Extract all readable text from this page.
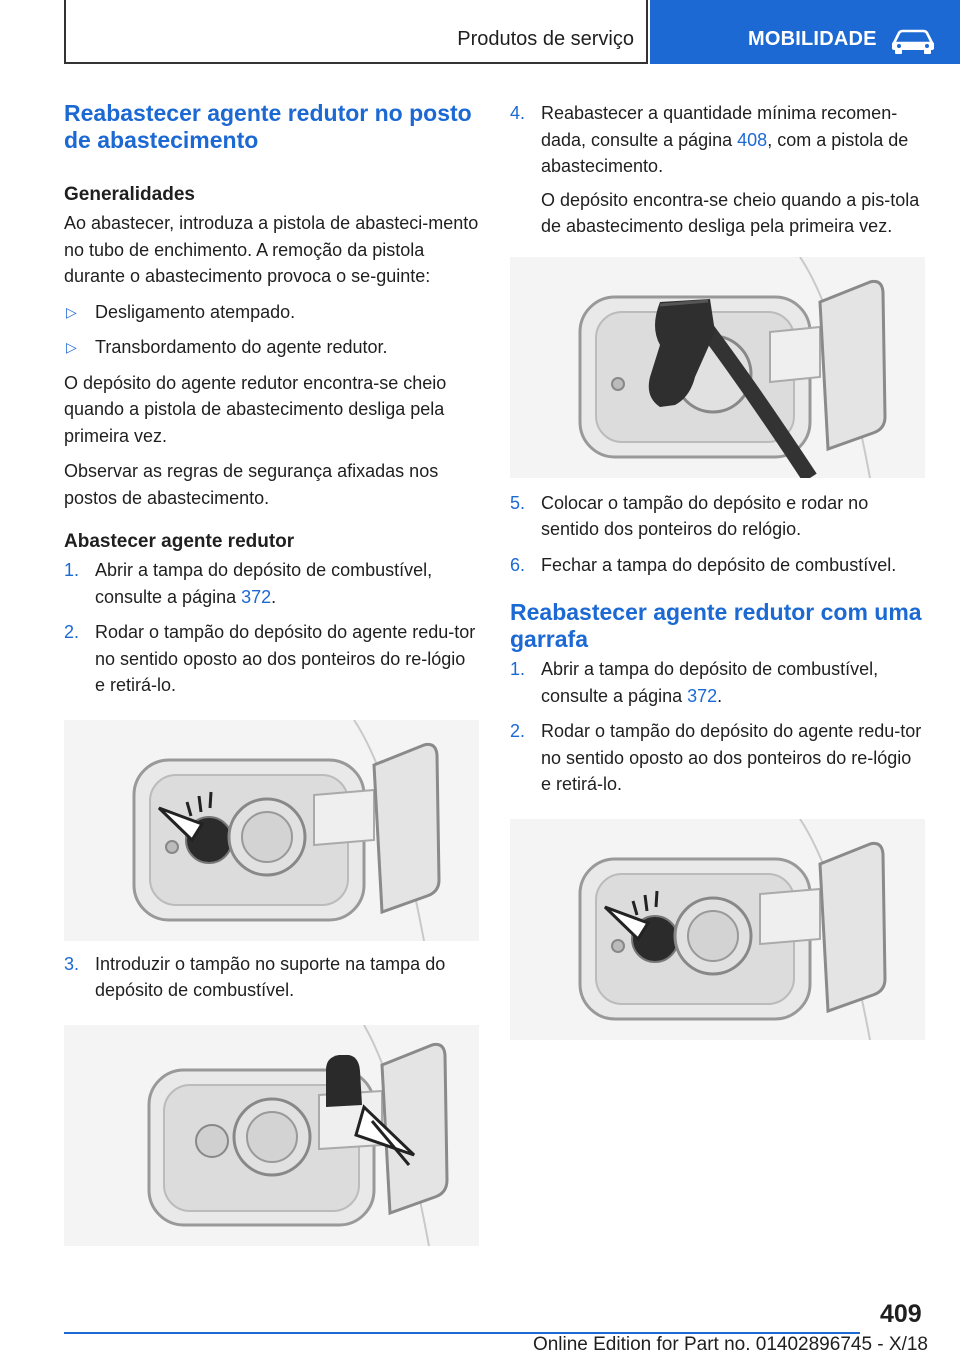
Produtos de serviço	MOBILIDADE
Reabastecer agente redutor no posto de abastecimento
Generalidades

Ao abastecer, introduza a pistola de abasteci-mento no tubo de enchimento. A remoção da pistola durante o abastecimento provoca o se-guinte:

▷ Desligamento atempado.
▷ Transbordamento do agente redutor.

O depósito do agente redutor encontra-se cheio quando a pistola de abastecimento desliga pela primeira vez.

Observar as regras de segurança afixadas nos postos de abastecimento.

Abastecer agente redutor
1. Abrir a tampa do depósito de combustível, consulte a página 372.
2. Rodar o tampão do depósito do agente redu-tor no sentido oposto ao dos ponteiros do re-lógio e retirá-lo.
3. Introduzir o tampão no suporte na tampa do depósito de combustível.
4. Reabastecer a quantidade mínima recomen-dada, consulte a página 408, com a pistola de abastecimento.

O depósito encontra-se cheio quando a pis-tola de abastecimento desliga pela primeira vez.

5. Colocar o tampão do depósito e rodar no sentido dos ponteiros do relógio.
6. Fechar a tampa do depósito de combustível.
Reabastecer agente redutor com uma garrafa
1. Abrir a tampa do depósito de combustível, consulte a página 372.
2. Rodar o tampão do depósito do agente redu-tor no sentido oposto ao dos ponteiros do re-lógio e retirá-lo.
409
Online Edition for Part no. 01402896745 - X/18
